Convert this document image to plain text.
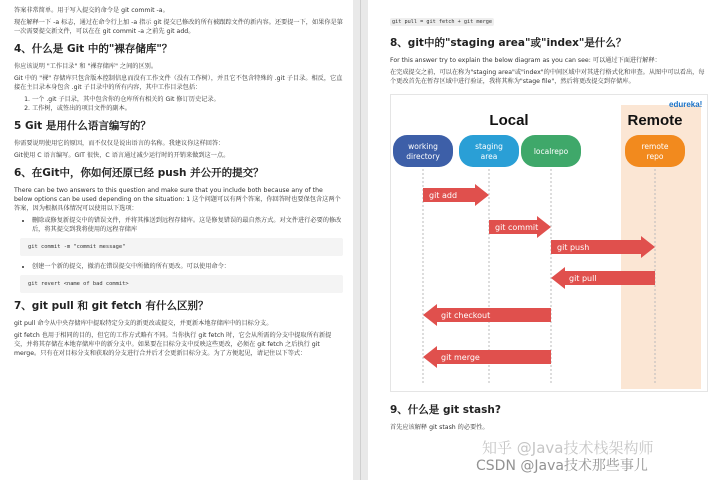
答案非常简单。用于写入提交的命令是 git commit -a。

现在解释一下 -a 标志，通过在命令行上加 -a 指示 git 提交已修改的所有被跟踪文件的新内容。还要提一下，如果你是第一次需要提交新文件，可以在在 git commit -a 之前先 git add。

4、什么是 Git 中的"裸存储库"？

你应该说明 "工作目录" 和 "裸存储库" 之间的区别。

Git 中的 "裸" 存储库只包含版本控制信息而没有工作文件（没有工作树），并且它不包含特殊的 .git 子目录。相反，它直接在主目录本身包含 .git 子目录中的所有内容，其中工作目录包括：

1. 一个 .git 子目录，其中包含你的仓库所有相关的 Git 修订历史记录。
2. 工作树，或签出的项目文件的副本。
5 Git 是用什么语言编写的？

你需要说明使用它的原因，而不仅仅是说出语言的名称。我建议你这样回答：

Git使用 C 语言编写。GIT 很快，C 语言通过减少运行时的开销来做到这一点。

6、在Git中，你如何还原已经 push 并公开的提交？

There can be two answers to this question and make sure that you include both because any of the below options can be used depending on the situation: 1 这个问题可以有两个答案，你回答时也要保包含这两个答案，因为根据具体情况可以使用以下选项：

• 删除或修复新提交中的错误文件，并将其推送到远程存储库。这是修复错误的最自然方式。对文件进行必要的修改后，将其提交到我将使用的远程存储库
git commit -m "commit message"
• 创建一个新的提交，撤消在错误提交中所做的所有更改。可以使用命令：
git revert <name of bad commit>
7、git pull 和 git fetch 有什么区别？

git pull 命令从中央存储库中提取特定分支的新更改或提交，并更新本地存储库中的目标分支。

git fetch 也用于相同的目的，但它的工作方式略有不同。当你执行 git fetch 时，它会从所需的分支中提取所有新提交，并将其存储在本地存储库中的新分支中。如果要在目标分支中反映这些更改，必须在 git fetch 之后执行 git merge。只有在对目标分支和获取的分支进行合并后才会更新目标分支。为了方便起见，请记住以下等式：

git pull = git fetch + git merge
8、git中的"staging area"或"index"是什么？

For this answer try to explain the below diagram as you can see: 可以通过下面进行解释：

在完成提交之前，可以在称为"staging area"或"index"的中间区域中对其进行格式化和审查。从图中可以看出，每个更改首先在暂存区域中进行验证，我将其称为"stage file"，然后将更改提交到存储库。

edureka!
Local	Remote
working
directory
staging
area
localrepo
remote
repo
git add
git commit
git push
git pull
git checkout
git merge
9、什么是 git stash?

首先应该解释 git stash 的必要性。

知乎 @Java技术栈架构师
CSDN @Java技术那些事儿
